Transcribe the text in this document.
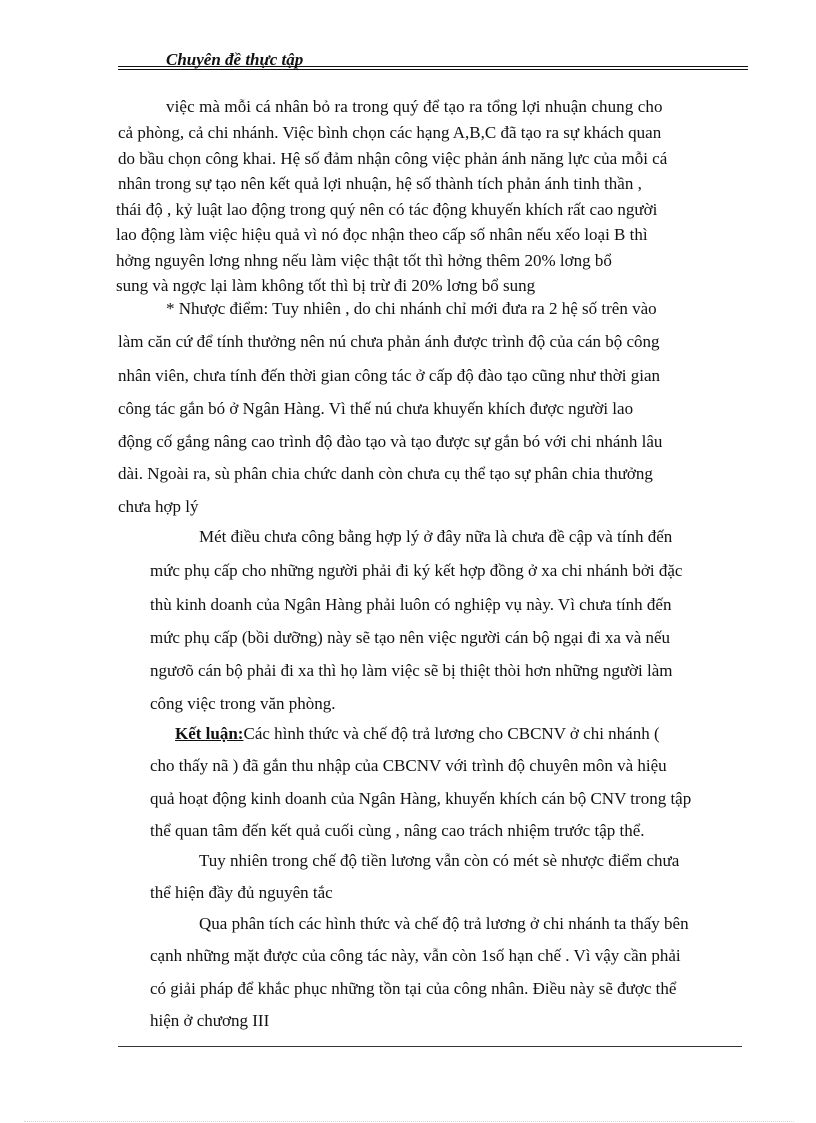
Chuyên đề thực tập
việc mà mỗi cá nhân bỏ ra trong quý để tạo ra tổng lợi nhuận chung cho
cả phòng, cả chi nhánh. Việc bình chọn các hạng A,B,C đã tạo ra sự khách quan
do bầu chọn công khai. Hệ số đảm nhận công việc phản ánh năng lực của mỗi cá
nhân trong sự tạo nên kết quả lợi nhuận, hệ số thành tích phản ánh tinh thần ,
thái độ , kỷ luật lao động trong quý nên có tác động khuyến khích rất cao người
lao động làm việc hiệu quả vì nó đọc nhận theo cấp số nhân nếu xếo loại B thì
hởng nguyên lơng nhng nếu làm việc thật tốt thì hởng thêm 20% lơng bổ
sung và ngợc lại làm không tốt thì bị trừ đi 20% lơng bổ sung
* Nhược điểm: Tuy nhiên , do chi nhánh chỉ mới đưa ra 2 hệ số trên vào
làm căn cứ để tính thưởng nên nú chưa phản ánh được trình độ của cán bộ công
nhân viên, chưa tính đến thời gian công tác ở cấp độ đào tạo cũng như thời gian
công tác gắn bó ở Ngân Hàng. Vì thế nú chưa khuyến khích được người lao
động cố gắng nâng cao trình độ đào tạo và tạo được sự gắn bó với chi nhánh lâu
dài. Ngoài ra, sù phân chia chức danh còn chưa cụ thể tạo sự phân chia thưởng
chưa hợp lý
Mét điều chưa công bằng hợp lý ở đây nữa là chưa đề cập và tính đến
mức phụ cấp cho những người phải đi ký kết hợp đồng ở xa chi nhánh bởi đặc
thù kinh doanh của Ngân Hàng phải luôn có nghiệp vụ này. Vì chưa tính đến
mức phụ cấp (bồi dưỡng) này sẽ tạo nên việc người cán bộ ngại đi xa và nếu
ngươõ cán bộ phải đi xa thì họ làm việc sẽ bị thiệt thòi hơn những người làm
công việc trong văn phòng.
Kết luận:Các hình thức và chế độ trả lương cho CBCNV ở chi nhánh (
cho thấy nã ) đã gắn thu nhập của CBCNV với trình độ chuyên môn và hiệu
quả hoạt động kinh doanh của Ngân Hàng, khuyến khích cán bộ CNV trong tập
thể quan tâm đến kết quả cuối cùng , nâng cao trách nhiệm trước tập thể.
Tuy nhiên trong chế độ tiền lương vẫn còn có mét sè nhược điểm chưa
thể hiện đầy đủ nguyên tắc
Qua phân tích các hình thức và chế độ trả lương ở chi nhánh ta thấy bên
cạnh những mặt được của công tác này, vẫn còn 1số hạn chế . Vì vậy cần phải
có giải pháp để khắc phục những tồn tại của công nhân. Điều này sẽ được thể
hiện ở chương III
